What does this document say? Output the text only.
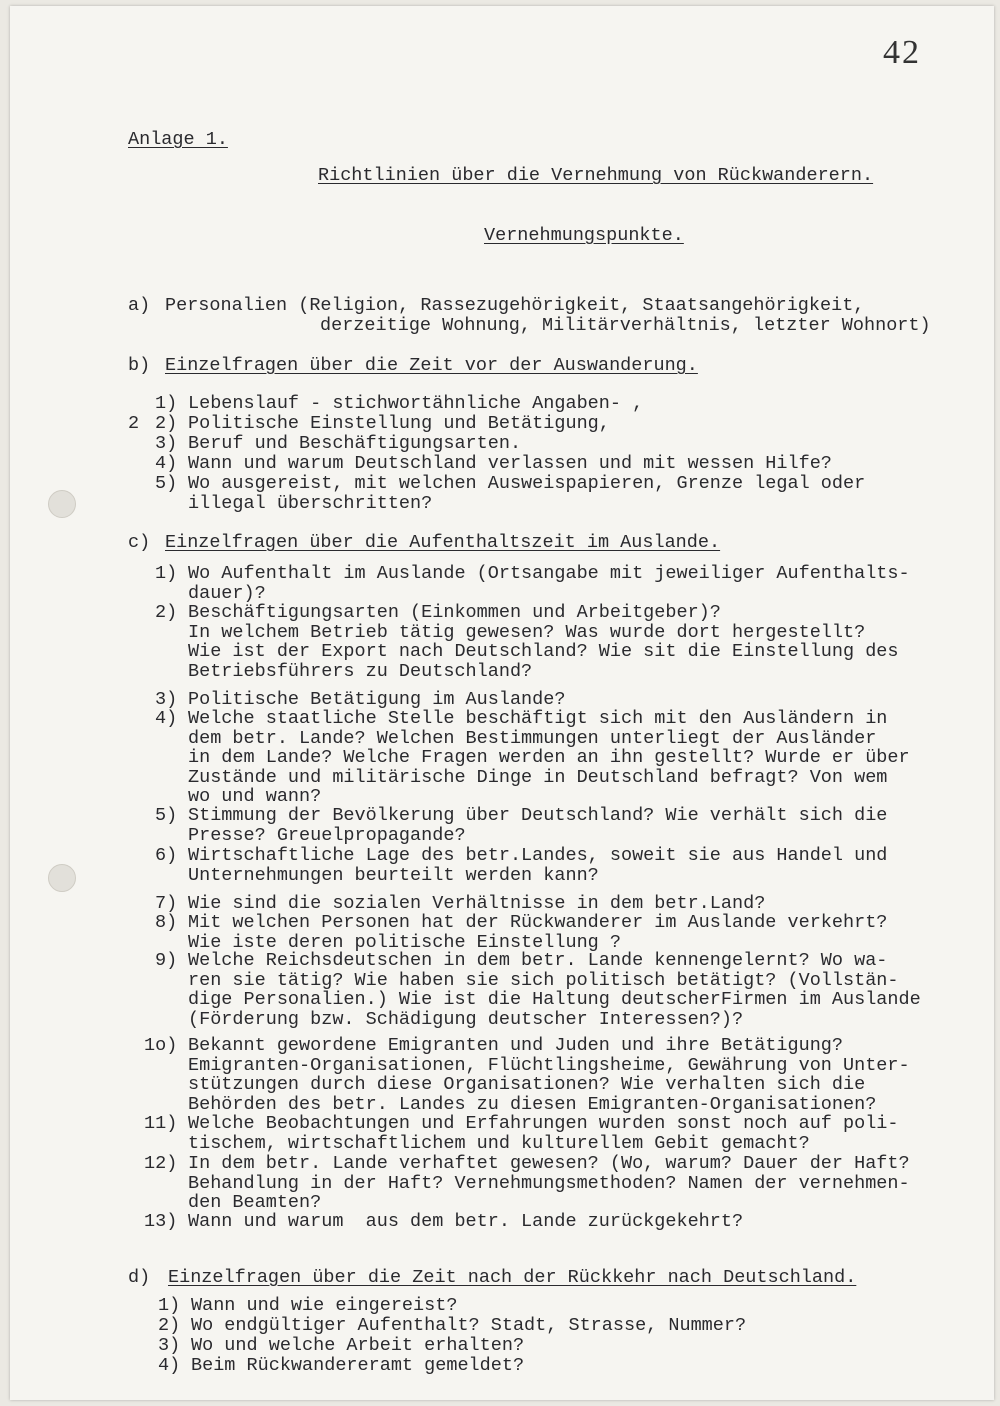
42
Anlage 1.
Richtlinien über die Vernehmung von Rückwanderern.
Vernehmungspunkte.
a) Personalien (Religion, Rassezugehörigkeit, Staatsangehörigkeit,
derzeitige Wohnung, Militärverhältnis, letzter Wohnort)
b) Einzelfragen über die Zeit vor der Auswanderung.
2
c) Einzelfragen über die Aufenthaltszeit im Auslande.
d) Einzelfragen über die Zeit nach der Rückkehr nach Deutschland.
1) Lebenslauf - stichwortähnliche Angaben- ,
2) Politische Einstellung und Betätigung,
3) Beruf und Beschäftigungsarten.
4) Wann und warum Deutschland verlassen und mit wessen Hilfe?
5) Wo ausgereist, mit welchen Ausweispapieren, Grenze legal oder
illegal überschritten?
1) Wo Aufenthalt im Auslande (Ortsangabe mit jeweiliger Aufenthalts-
dauer)?
2) Beschäftigungsarten (Einkommen und Arbeitgeber)?
In welchem Betrieb tätig gewesen? Was wurde dort hergestellt?
Wie ist der Export nach Deutschland? Wie sit die Einstellung des
Betriebsführers zu Deutschland?
3) Politische Betätigung im Auslande?
4) Welche staatliche Stelle beschäftigt sich mit den Ausländern in
dem betr. Lande? Welchen Bestimmungen unterliegt der Ausländer
in dem Lande? Welche Fragen werden an ihn gestellt? Wurde er über
Zustände und militärische Dinge in Deutschland befragt? Von wem
wo und wann?
5) Stimmung der Bevölkerung über Deutschland? Wie verhält sich die
Presse? Greuelpropagande?
6) Wirtschaftliche Lage des betr.Landes, soweit sie aus Handel und
Unternehmungen beurteilt werden kann?
7) Wie sind die sozialen Verhältnisse in dem betr.Land?
8) Mit welchen Personen hat der Rückwanderer im Auslande verkehrt?
Wie iste deren politische Einstellung ?
9) Welche Reichsdeutschen in dem betr. Lande kennengelernt? Wo wa-
ren sie tätig? Wie haben sie sich politisch betätigt? (Vollstän-
dige Personalien.) Wie ist die Haltung deutscherFirmen im Auslande
(Förderung bzw. Schädigung deutscher Interessen?)?
1o) Bekannt gewordene Emigranten und Juden und ihre Betätigung?
Emigranten-Organisationen, Flüchtlingsheime, Gewährung von Unter-
stützungen durch diese Organisationen? Wie verhalten sich die
Behörden des betr. Landes zu diesen Emigranten-Organisationen?
11) Welche Beobachtungen und Erfahrungen wurden sonst noch auf poli-
tischem, wirtschaftlichem und kulturellem Gebit gemacht?
12) In dem betr. Lande verhaftet gewesen? (Wo, warum? Dauer der Haft?
Behandlung in der Haft? Vernehmungsmethoden? Namen der vernehmen-
den Beamten?
13) Wann und warum  aus dem betr. Lande zurückgekehrt?
1) Wann und wie eingereist?
2) Wo endgültiger Aufenthalt? Stadt, Strasse, Nummer?
3) Wo und welche Arbeit erhalten?
4) Beim Rückwandereramt gemeldet?
